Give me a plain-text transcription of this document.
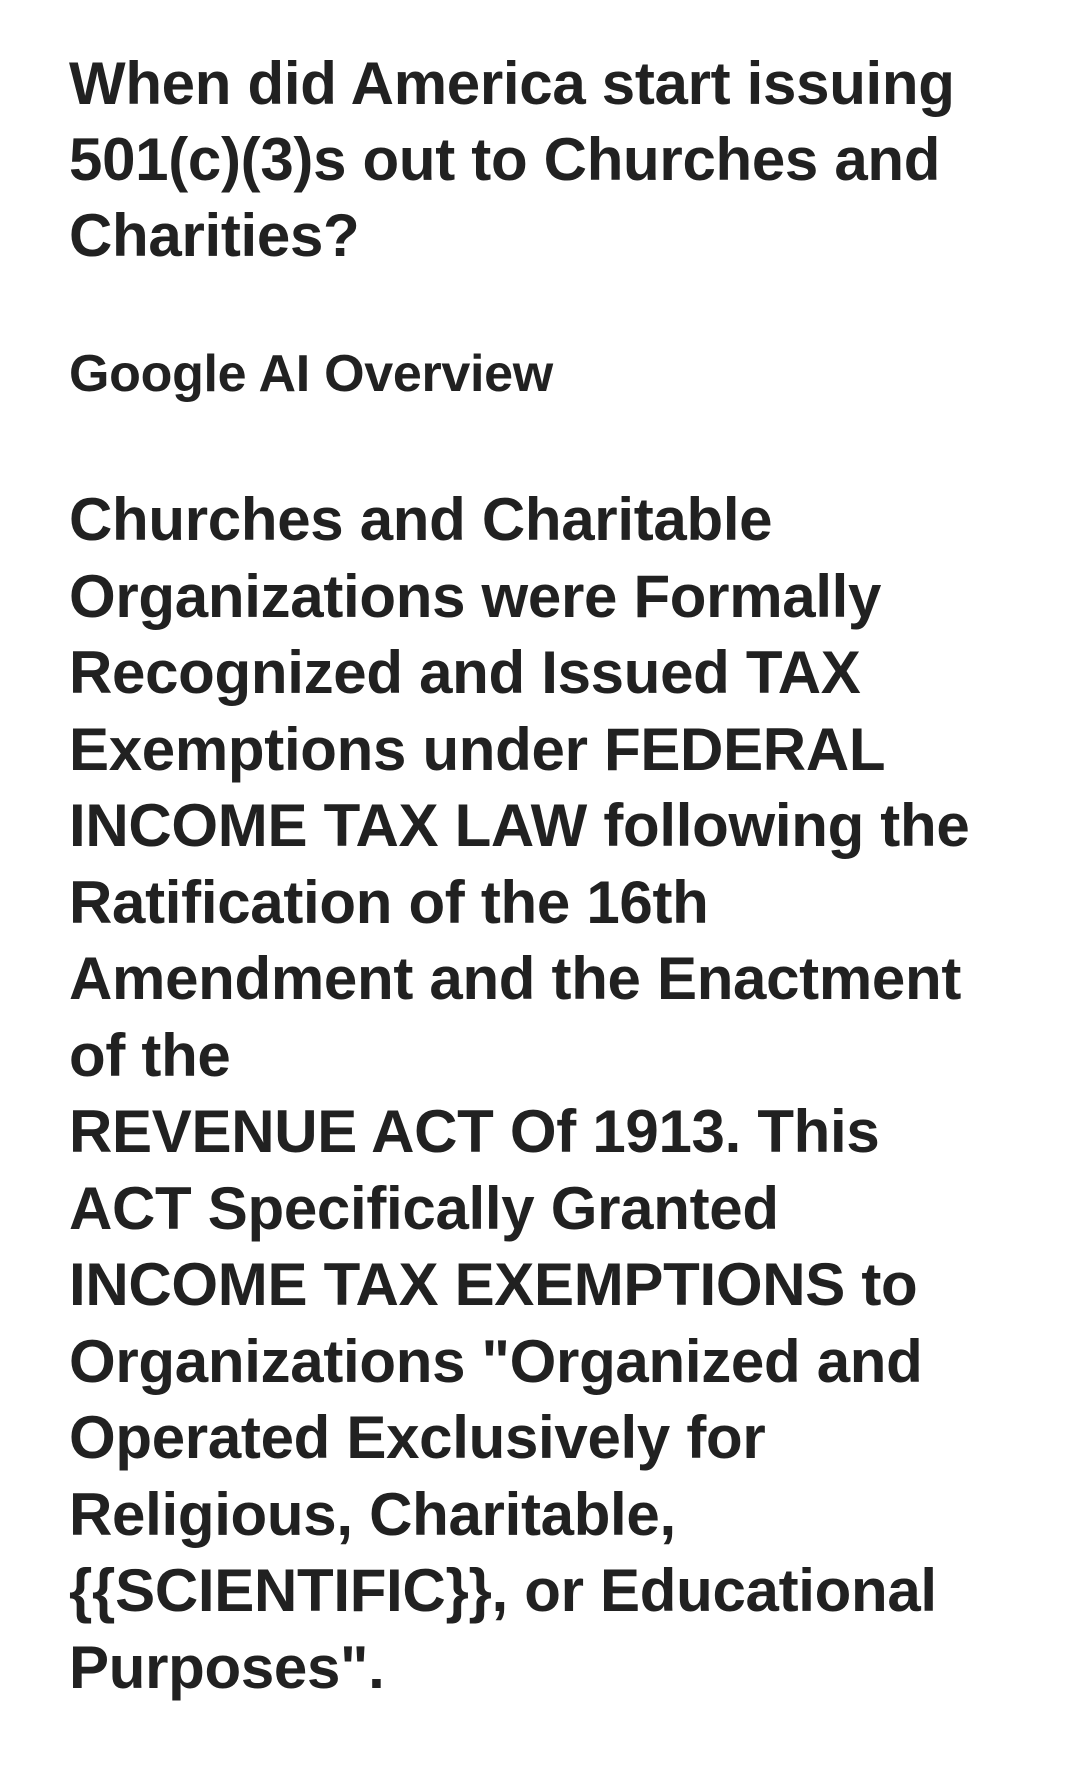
When did America start issuing
501(c)(3)s out to Churches and
Charities?
Google AI Overview
Churches and Charitable
Organizations were Formally
Recognized and Issued TAX
Exemptions under FEDERAL
INCOME TAX LAW following the
Ratification of the 16th
Amendment and the Enactment
of the
REVENUE ACT Of 1913. This
ACT Specifically Granted
INCOME TAX EXEMPTIONS to
Organizations "Organized and
Operated Exclusively for
Religious, Charitable,
{{SCIENTIFIC}}, or Educational
Purposes".
